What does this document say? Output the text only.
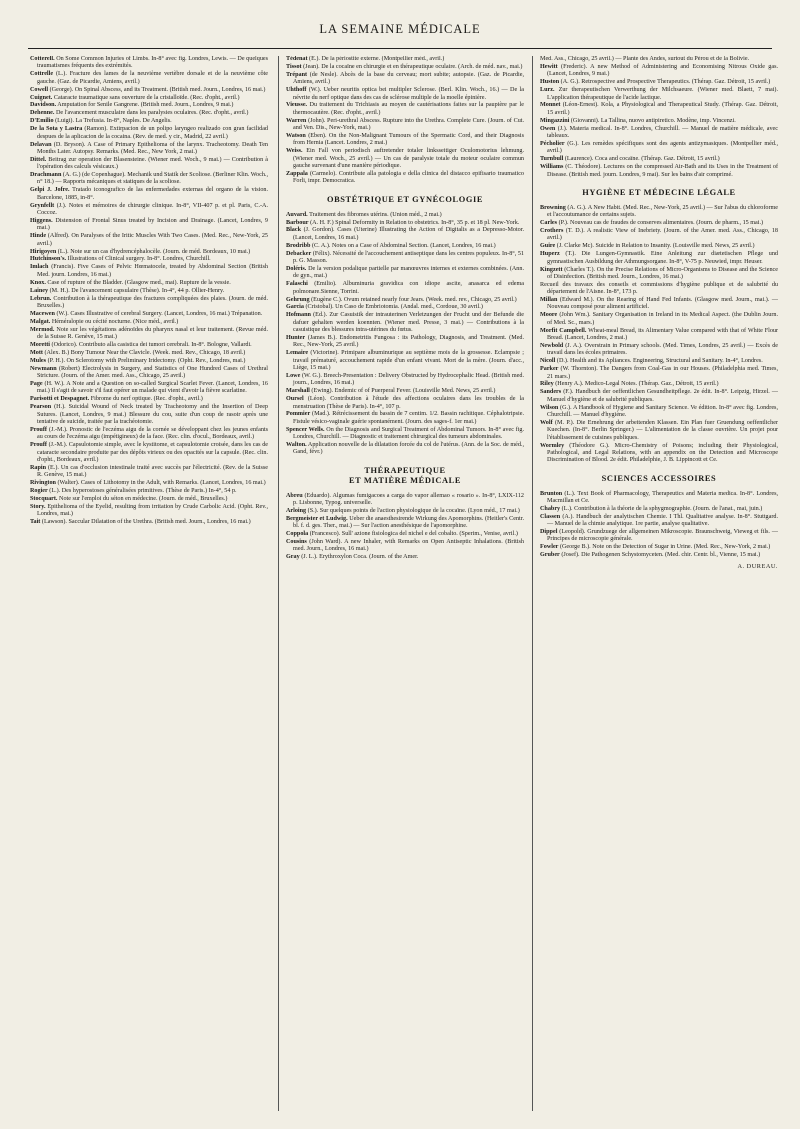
LA SEMAINE MÉDICALE
Cotterell. On Some Common Injuries of Limbs. In-8° avec fig. Londres, Lewis. — De quelques traumatismes fréquents des extrémités.
Cottrelle (L.). Fracture des lames de la neuvième vertèbre dorsale et de la neuvième côte gauche. (Gaz. de Picardie, Amiens, avril.)
Cowell (George). On Spinal Abscess, and its Treatment. (British med. Journ., Londres, 16 mai.)
Cuignet. Cataracte traumatique sans ouverture de la cristalloïde. (Rec. d'opht., avril.)
Davidson. Amputation for Senile Gangrene. (British med. Journ., Londres, 9 mai.)
Dehenne. De l'avancement musculaire dans les paralysies oculaires. (Rec. d'opht., avril.)
D'Emilio (Luigi). La Trefusia. In-8°, Naples. De Angelis.
De la Sota y Lastra (Ramon). Extirpacion de un polipo laryngeo realizado con gran facilidad despues de la aplicacion de la cocaina. (Rev. de med. y cir., Madrid, 22 avril.)
Delavan (D. Bryson). A Case of Primary Epithelioma of the larynx. Tracheotomy. Death Ten Months Later. Autopsy. Remarks. (Med. Rec., New York, 2 mai.)
Dittel. Beitrag zur operation der Blasensteine. (Wiener med. Woch., 9 mai.) — Contribution à l'opération des calculs vésicaux.)
Drachmann (A. G.) (de Copenhague). Mechanik und Statik der Scoliose. (Berliner Klin. Woch., n° 18.) — Rapports mécaniques et statiques de la scoliose.
Gelpi J. Jofre. Tratado iconografico de las enfermedades externas del organo de la vision. Barcelone, 1885, in-8°.
Grynfellt (J.). Notes et mémoires de chirurgie clinique. In-8°, VII-407 p. et pl. Paris, C.-A. Coccoz.
Higgens. Distension of Frontal Sinus treated by Incision and Drainage. (Lancet, Londres, 9 mai.)
Hinde (Alfred). On Paralyses of the Iritic Muscles With Two Cases. (Med. Rec., New-York, 25 avril.)
Hirigoyen (L.). Note sur un cas d'hydrencéphalocèle. (Journ. de méd. Bordeaux, 10 mai.)
Hutchinson's. Illustrations of Clinical surgery. In-8°. Londres, Churchill.
Imlach (Francis). Five Cases of Pelvic Hœmatocele, treated by Abdominal Section (British Med. journ. Londres, 16 mai.)
Knox. Case of rupture of the Bladder. (Glasgow med., mai). Rupture de la vessie.
Lainey (M. H.). De l'avancement capsulaire (Thèse). In-4°, 44 p. Ollier-Henry.
Lebrun. Contribution à la thérapeutique des fractures compliquées des plaies. (Journ. de méd. Bruxelles.)
Macewen (W.). Cases Illustrative of cerebral Surgery. (Lancet, Londres, 16 mai.) Trépanation.
Malgat. Héméralopie ou cécité nocturne. (Nice méd., avril.)
Mermod. Note sur les végétations adénoïdes du pharynx nasal et leur traitement. (Revue méd. de la Suisse R. Genève, 15 mai.)
Moretti (Odorico). Contributo alla casistica dei tumori cerebrali. In-8°. Bologne, Vallardi.
Mott (Alex. B.) Bony Tumour Near the Clavicle. (Week. med. Rev., Chicago, 18 avril.)
Mules (P. H.). On Sclerotomy with Preliminary Iridectomy. (Opht. Rev., Londres, mai.)
Newmann (Robert) Electrolysis in Surgery, and Statistics of One Hundred Cases of Urethral Stricture. (Journ. of the Amer. med. Ass., Chicago, 25 avril.)
Page (H. W.). A Note and a Question on so-called Surgical Scarlet Fever. (Lancet, Londres, 16 mai.) Il s'agit de savoir s'il faut opérer un malade qui vient d'avoir la fièvre scarlatine.
Parisotti et Despagnet. Fibrome du nerf optique. (Rec. d'opht., avril.)
Pearson (H.). Suicidal Wound of Neck treated by Tracheotomy and the Insertion of Deep Sutures. (Lancet, Londres, 9 mai.) Blessure du cou, suite d'un coup de rasoir après une tentative de suicide, traitée par la trachéotomie.
Prouff (J.-M.). Pronostic de l'eczéma aigu de la cornée se développant chez les jeunes enfants au cours de l'eczéma aigu (impétigineux) de la face. (Rec. clin. d'ocul., Bordeaux, avril.)
Prouff (J.-M.). Capsulotomie simple, avec le kystitome, et capsulotomie croisée, dans les cas de cataracte secondaire produite par des dépôts virieux ou des opacités sur la capsule. (Rec. clin. d'opht., Bordeaux, avril.)
Rapin (E.). Un cas d'occlusion intestinale traité avec succès par l'électricité. (Rev. de la Suisse R. Genève, 15 mai.)
Rivington (Walter). Cases of Lithotomy in the Adult, with Remarks. (Lancet, Londres, 16 mai.)
Rogier (L.). Des hyperostoses généralisées primitives. (Thèse de Paris.) In-4°, 54 p.
Stocquart. Note sur l'emploi du séton en médecine. (Journ. de méd., Bruxelles.)
Story. Epithelioma of the Eyelid, resulting from irritation by Crude Carbolic Acid. (Opht. Rev., Londres, mai.)
Tait (Lawson). Saccular Dilatation of the Urethra. (British med. Journ., Londres, 16 mai.)
Tédenat (E.). De la périostite externe. (Montpellier méd., avril.)
Tissot (Jean). De la cocaïne en chirurgie et en thérapeutique oculaire. (Arch. de méd. nav., mai.)
Trépant (de Nesle). Abcès de la base du cerveau; mort subite; autopsie. (Gaz. de Picardie, Amiens, avril.)
Uhthoff (W.). Ueber neuritis optica bei multipler Sclerose. (Berl. Klin. Woch., 16.) — De la névrite du nerf optique dans des cas de sclérose multiple de la moelle épinière.
Vieusse. Du traitement du Trichiasis au moyen de cautérisations faites sur la paupière par le thermocautère. (Rec. d'opht., avril.)
Warren (John). Peri-urethral Abscess. Rupture into the Urethra. Complete Cure. (Journ. of Cut. and Ven. Dis., New-York, mai.)
Watson (Eben). On the Non-Malignant Tumours of the Spermatic Cord, and their Diagnosis from Hernia (Lancet. Londres, 2 mai.)
Weiss. Ein Fall von periodisch auftretender totaler linksseitiger Oculomotorius lehmung. (Wiener med. Woch., 25 avril.) — Un cas de paralysie totale du moteur oculaire commun gauche survenant d'une manière périodique.
Zappala (Carmelo). Contribute alla patologia e della clinica del distacco epifisario traumatico Forli, impr. Democratica.
OBSTÉTRIQUE ET GYNÉCOLOGIE
Auvard. Traitement des fibromes utérins. (Union méd., 2 mai.)
Barbour (A. H. F.) Spinal Deformity in Relation to obstetrics. In-8°, 35 p. et 18 pl. New-York.
Black (J. Gordon). Cases (Uterine) Illustrating the Action of Digitalis as a Depresso-Motor. (Lancet, Londres, 16 mai.)
Brodribb (C. A.). Notes on a Case of Abdominal Section. (Lancet, Londres, 16 mai.)
Debacker (Félix). Nécessité de l'accouchement antiseptique dans les centres populeux. In-8°, 51 p. G. Masson.
Doléris. De la version podalique partielle par manœuvres internes et externes combinées. (Ann. de gyn., mai.)
Falaschi (Emilio). Albuminuria gravidica con idiope ascite, anasarca ed edema polmonare.Sienne, Torrini.
Gehrung (Eugène C.). Ovum retained nearly four Jears. (Week. med. rev., Chicago, 25 avril.)
Garcia (Cristobal). Un Caso de Embriotomia. (Andal. med., Cordoue, 30 avril.)
Hofmann (Ed.). Zur Casuistik der intrauterinen Verletzungen der Frucht und der Befunde die dafuer gehalten werden koennten. (Wiener med. Presse, 3 mai.) — Contributions à la casuistique des blessures intra-utérines du fœtus.
Hunter (James B.). Endometritis Fungosa : its Pathology, Diagnosis, and Treatment. (Med. Rec., New-York, 25 avril.)
Lemaire (Victorine). Primipare albuminurique au septième mois de la grossesse. Eclampsie ; travail prématuré, accouchement rapide d'un enfant vivant. Mort de la mère. (Journ. d'acc., Liège, 15 mai.)
Lowe (W. G.). Breech-Presentation : Delivery Obstructed by Hydrocephalic Head. (British med. journ., Londres, 16 mai.)
Marshall (Ewing). Endemic of of Puerperal Fever. (Louisville Med. News, 25 avril.)
Oursel (Léon). Contribution à l'étude des affections oculaires dans les troubles de la menstruation (Thèse de Paris). In-4°, 107 p.
Pommier (Mad.). Rétrécissement du bassin de 7 centim. 1/2. Bassin rachitique. Céphalotripsie. Fistule vésico-vaginale guérie spontanément. (Journ. des sages-f. 1er mai.)
Spencer Wells. On the Diagnosis and Surgical Treatment of Abdominal Tumors. In-8° avec fig. Londres, Churchill. — Diagnostic et traitement chirurgical des tumeurs abdominales.
Walton. Application nouvelle de la dilatation forcée du col de l'utérus. (Ann. de la Soc. de méd., Gand, févr.)
THÉRAPEUTIQUE
ET MATIÈRE MÉDICALE
Abreu (Eduardo). Algumas fumigacoes a carga do vapor allemao « rosario ». In-8°, LXIX-112 p. Lisbonne, Typog. universelle.
Arloing (S.). Sur quelques points de l'action physiologique de la cocaïne. (Lyon méd., 17 mai.)
Bergmeister et Ludwig. Ueber die anaesthesirende Wirkung des Apomorphins. (Heitler's Centr. bl. f. d. ges. Ther., mai.) — Sur l'action anesthésique de l'apomorphine.
Coppola (Francesco). Sull' azione fisiologica del nichel e del cobalto. (Sperim., Venise, avril.)
Cousins (John Ward). A new Inhaler, with Remarks on Open Antiseptic Inhalations. (British med. Journ., Londres, 16 mai.)
Gray (J. L.). Erythroxylon Coca. (Journ. of the Amer.
Med. Ass., Chicago, 25 avril.) — Plante des Andes, surtout du Pérou et de la Bolivie.
Hewitt (Frederic). A new Method of Administering and Economising Nitrous Oxide gas. (Lancet, Londres, 9 mai.)
Huston (A. G.). Retrospective and Prospective Therapeutics. (Thérap. Gaz. Détroit, 15 avril.)
Lurz. Zur therapeutischen Verwerthung der Milchsaeure. (Wiener med. Blaett, 7 mai). L'application thérapeutique de l'acide lactique.
Monnet (Léon-Ernest). Kola, a Physiological and Therapeutical Study. (Thérap. Gaz. Détroit, 15 avril.)
Mingazzini (Giovanni). La Tallina, nuovo antipiretico. Modène, imp. Vincenzi.
Owen (J.). Materia medical. In-8°. Londres, Churchill. — Manuel de matière médicale, avec tableaux.
Pécholier (G.). Les remèdes spécifiques sont des agents antizymasiques. (Montpellier méd., avril.)
Turnbull (Laurence). Coca and cocaïne. (Thérap. Gaz. Détroit, 15 avril.)
Williams (C. Théodore). Lectures on the compressed Air-Bath and its Uses in the Treatment of Disease. (British med. journ. Londres, 9 mai). Sur les bains d'air comprimé.
HYGIÈNE ET MÉDECINE LÉGALE
Browning (A. G.). A New Habit. (Med. Rec., New-York, 25 avril.) — Sur l'abus du chloroforme et l'accoutumance de certains sujets.
Carles (P.). Nouveau cas de fraudes de conserves alimentaires. (Journ. de pharm., 15 mai.)
Crothers (T. D.). A realistic View of Inebriety. (Journ. of the Amer. med. Ass., Chicago, 18 avril.)
Guire (J. Clarke Mc). Suicide in Relation to Insanity. (Louisville med. News, 25 avril.)
Huperz (T.). Die Lungen-Gymnastik. Eine Anleitung zur diætetischen Pflege und gymnastischen Ausbildung der Athmungsorgane. In-8°, V-75 p. Neuwied, impr. Heuser.
Kingzett (Charles T.). On the Precise Relations of Micro-Organisms to Disease and the Science of Disinfection. (British med. Journ., Londres, 16 mai.)
Recueil des travaux des conseils et commissions d'hygiène publique et de salubrité du département de l'Aisne. In-8°, 173 p.
Millan (Edward M.). On the Rearing of Hand Fed Infants. (Glasgow med. Journ., mai.). — Nouveau composé pour aliment artificiel.
Moore (John Wm.). Sanitary Organisation in Ireland in its Medical Aspect. (the Dublin Journ. of Med. Sc., mars.)
Morfit Campbell. Wheat-meal Bread, its Alimentary Value compared with that of White Flour Bread. (Lancet, Londres, 2 mai.)
Newbold (J. A.). Overstrain in Primary schools. (Med. Times, Londres, 25 avril.) — Excès de travail dans les écoles primaires.
Nicoll (D.). Health and its Apliances. Engineering, Structural and Sanitary. In-4°, Londres.
Parker (W. Thornton). The Dangers from Coal-Gas in our Houses. (Philadelphia med. Times, 21 mars.)
Riley (Henry A.). Medico-Legal Notes. (Thérap. Gaz., Détroit, 15 avril.)
Sanders (F.). Handbuch der oeffentlichen Gesundheitpflege. 2e édit. In-8°. Leipzig, Hirzel. — Manuel d'hygiène et de salubrité publiques.
Wilson (G.). A Handbook of Hygiene and Sanitary Science. Ve édition. In-8° avec fig. Londres, Churchill. — Manuel d'hygiène.
Wolf (M. P.). Die Ernehrung der arbeitenden Klassen. Ein Plan fuer Gruendung oeffentlicher Kuechen. (In-8°. Berlin Springer.) — L'alimentation de la classe ouvrière. Un projet pour l'établissement de cuisines publiques.
Wormley (Théodore G.). Micro-Chemistry of Poisons; including their Physiological, Pathological, and Legal Relations, with an appendix on the Detection and Microscope Discrimination of Blood. 2e édit. Philadelphie, J. B. Lippincott et Ce.
SCIENCES ACCESSOIRES
Brunton (L.). Text Book of Pharmacology, Therapeutics and Materia medica. In-8°. Londres, Macmillan et Ce.
Chabry (L.). Contribution à la théorie de la sphygmographie. (Journ. de l'anat., mai, juin.)
Classen (A.). Handbuch der analytischen Chemie. I Thl. Qualitative analyse. In-8°. Stuttgard. — Manuel de la chimie analytique. 1re partie, analyse qualitative.
Dippel (Leopold). Grundzuege der allgemeinen Mikroscopie. Braunschweig, Vieweg et fils. — Principes de microscopie générale.
Fowler (George B.). Note on the Detection of Sugar in Urine. (Med. Rec., New-York, 2 mai.)
Gruber (Josef). Die Pathogenen Schystomyceten. (Med. chir. Centr. bl., Vienne, 15 mai.)
A. DUREAU.
